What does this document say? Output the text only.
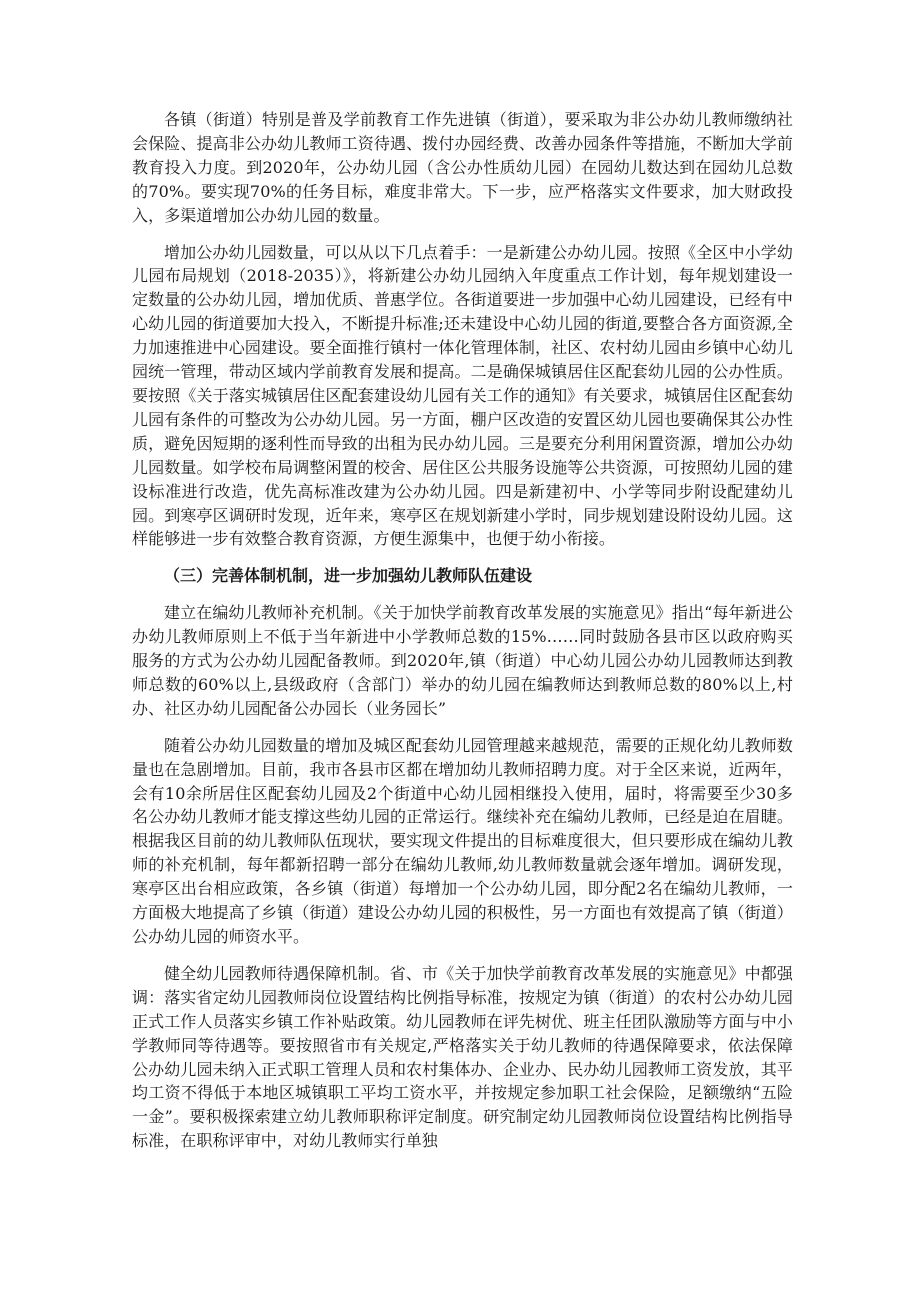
各镇（街道）特别是普及学前教育工作先进镇（街道），要采取为非公办幼儿教师缴纳社会保险、提高非公办幼儿教师工资待遇、拨付办园经费、改善办园条件等措施，不断加大学前教育投入力度。到2020年，公办幼儿园（含公办性质幼儿园）在园幼儿数达到在园幼儿总数的70%。要实现70%的任务目标，难度非常大。下一步，应严格落实文件要求，加大财政投入，多渠道增加公办幼儿园的数量。

增加公办幼儿园数量，可以从以下几点着手：一是新建公办幼儿园。按照《全区中小学幼儿园布局规划（2018-2035）》，将新建公办幼儿园纳入年度重点工作计划，每年规划建设一定数量的公办幼儿园，增加优质、普惠学位。各街道要进一步加强中心幼儿园建设，已经有中心幼儿园的街道要加大投入，不断提升标准;还未建设中心幼儿园的街道,要整合各方面资源,全力加速推进中心园建设。要全面推行镇村一体化管理体制，社区、农村幼儿园由乡镇中心幼儿园统一管理，带动区域内学前教育发展和提高。二是确保城镇居住区配套幼儿园的公办性质。要按照《关于落实城镇居住区配套建设幼儿园有关工作的通知》有关要求，城镇居住区配套幼儿园有条件的可整改为公办幼儿园。另一方面，棚户区改造的安置区幼儿园也要确保其公办性质，避免因短期的逐利性而导致的出租为民办幼儿园。三是要充分利用闲置资源，增加公办幼儿园数量。如学校布局调整闲置的校舍、居住区公共服务设施等公共资源，可按照幼儿园的建设标准进行改造，优先高标准改建为公办幼儿园。四是新建初中、小学等同步附设配建幼儿园。到寒亭区调研时发现，近年来，寒亭区在规划新建小学时，同步规划建设附设幼儿园。这样能够进一步有效整合教育资源，方便生源集中，也便于幼小衔接。

（三）完善体制机制，进一步加强幼儿教师队伍建设

建立在编幼儿教师补充机制。《关于加快学前教育改革发展的实施意见》指出“每年新进公办幼儿教师原则上不低于当年新进中小学教师总数的15%……同时鼓励各县市区以政府购买服务的方式为公办幼儿园配备教师。到2020年,镇（街道）中心幼儿园公办幼儿园教师达到教师总数的60%以上,县级政府（含部门）举办的幼儿园在编教师达到教师总数的80%以上,村办、社区办幼儿园配备公办园长（业务园长”

随着公办幼儿园数量的增加及城区配套幼儿园管理越来越规范，需要的正规化幼儿教师数量也在急剧增加。目前，我市各县市区都在增加幼儿教师招聘力度。对于全区来说，近两年，会有10余所居住区配套幼儿园及2个街道中心幼儿园相继投入使用，届时，将需要至少30多名公办幼儿教师才能支撑这些幼儿园的正常运行。继续补充在编幼儿教师，已经是迫在眉睫。根据我区目前的幼儿教师队伍现状，要实现文件提出的目标难度很大，但只要形成在编幼儿教师的补充机制，每年都新招聘一部分在编幼儿教师,幼儿教师数量就会逐年增加。调研发现，寒亭区出台相应政策，各乡镇（街道）每增加一个公办幼儿园，即分配2名在编幼儿教师，一方面极大地提高了乡镇（街道）建设公办幼儿园的积极性，另一方面也有效提高了镇（街道）公办幼儿园的师资水平。

健全幼儿园教师待遇保障机制。省、市《关于加快学前教育改革发展的实施意见》中都强调：落实省定幼儿园教师岗位设置结构比例指导标准，按规定为镇（街道）的农村公办幼儿园正式工作人员落实乡镇工作补贴政策。幼儿园教师在评先树优、班主任团队激励等方面与中小学教师同等待遇等。要按照省市有关规定,严格落实关于幼儿教师的待遇保障要求，依法保障公办幼儿园未纳入正式职工管理人员和农村集体办、企业办、民办幼儿园教师工资发放，其平均工资不得低于本地区城镇职工平均工资水平，并按规定参加职工社会保险，足额缴纳“五险一金”。要积极探索建立幼儿教师职称评定制度。研究制定幼儿园教师岗位设置结构比例指导标准，在职称评审中，对幼儿教师实行单独
